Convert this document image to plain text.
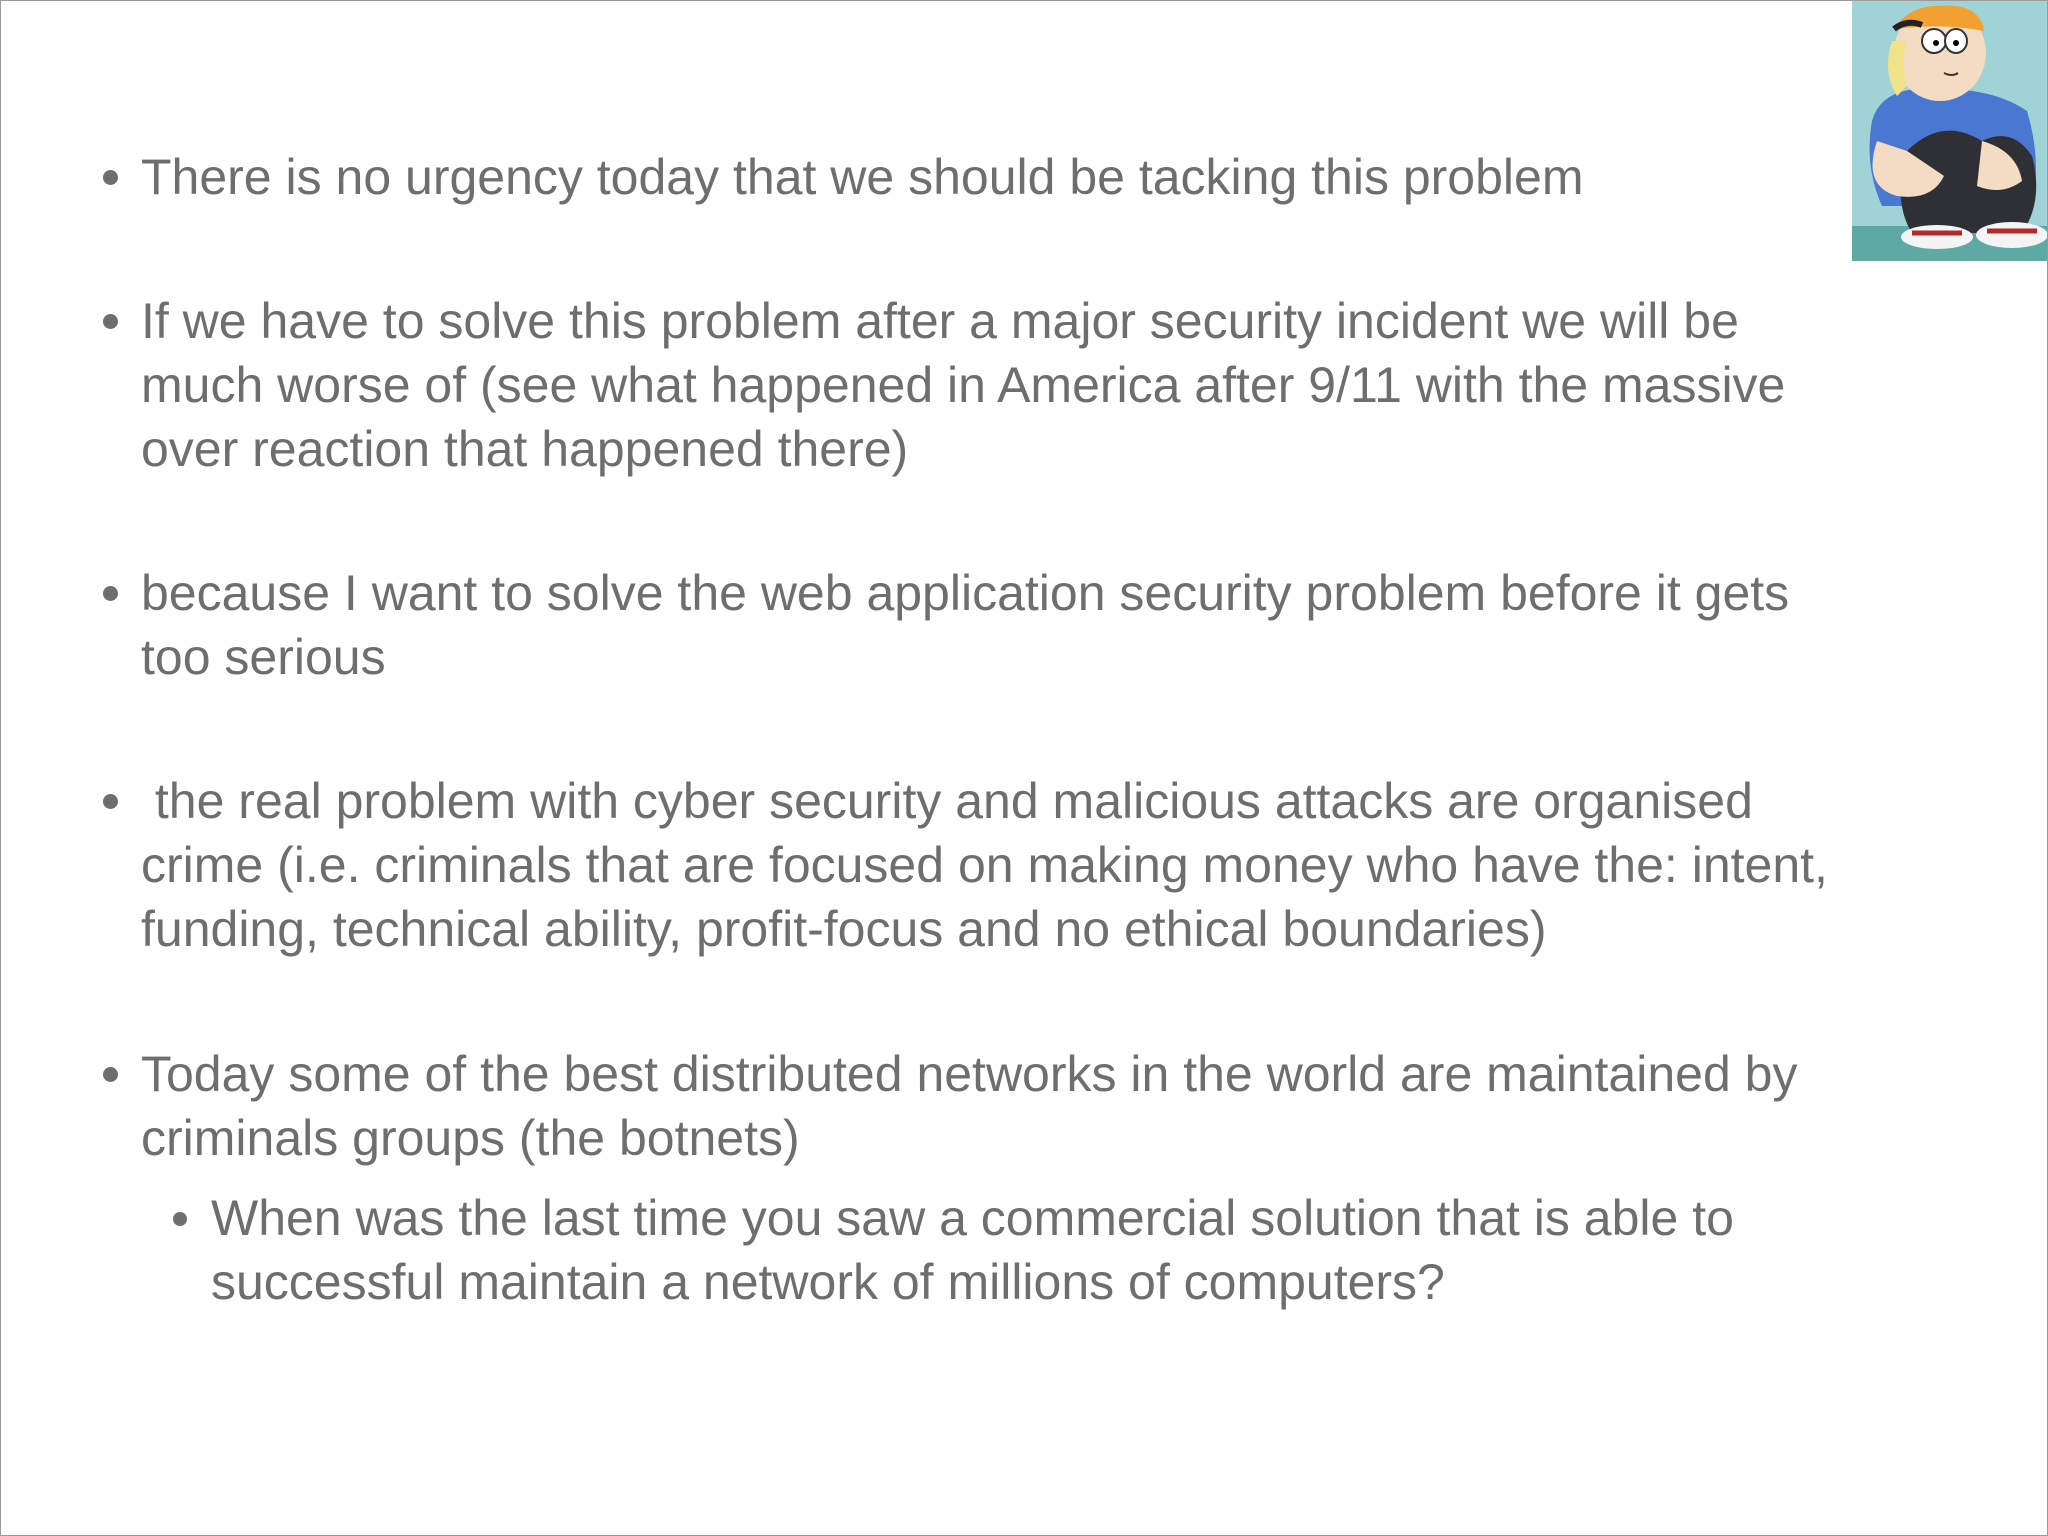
There is no urgency today that we should be tacking this problem
If we have to solve this problem after a major security incident we will be
much worse of (see what happened in America after 9/11 with the massive
over reaction that happened there)
because I want to solve the web application security problem before it gets
too serious
the real problem with cyber security and malicious attacks are organised
crime (i.e. criminals that are focused on making money who have the: intent,
funding, technical ability, profit-focus and no ethical boundaries)
Today some of the best distributed networks in the world are maintained by
criminals groups (the botnets)
When was the last time you saw a commercial solution that is able to
successful maintain a network of millions of computers?
